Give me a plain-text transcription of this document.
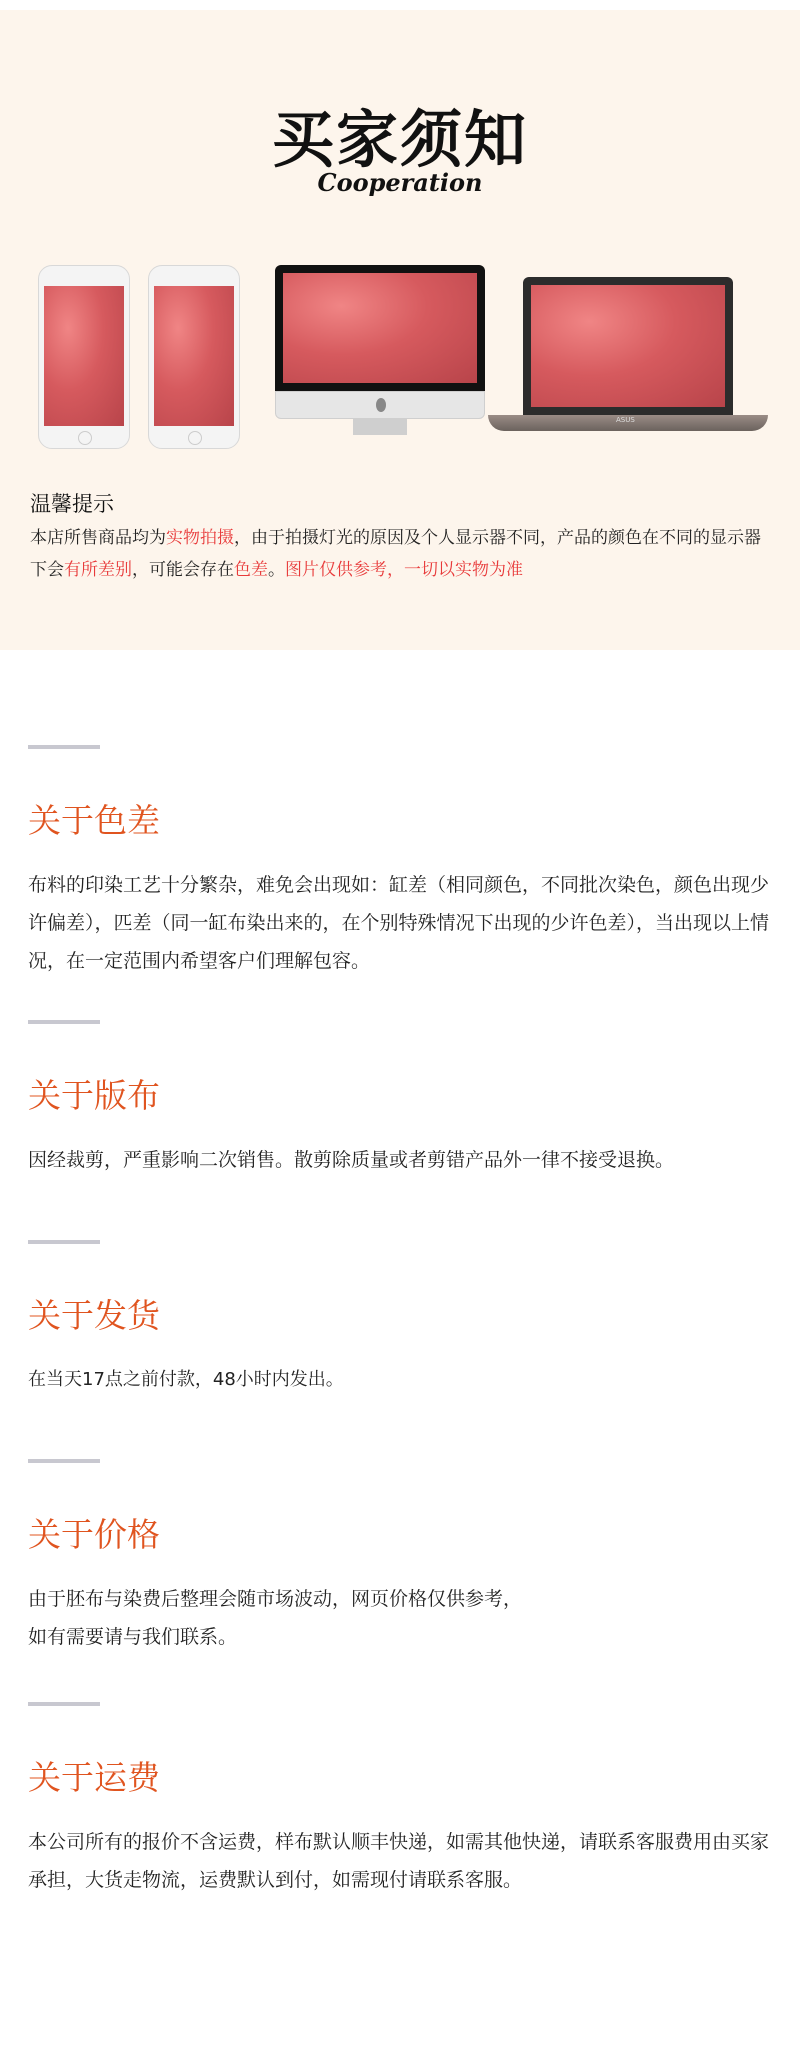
买家须知
Cooperation
ASUS
温馨提示
本店所售商品均为实物拍摄，由于拍摄灯光的原因及个人显示器不同，产品的颜色在不同的显示器下会有所差别，可能会存在色差。图片仅供参考，一切以实物为准
关于色差
布料的印染工艺十分繁杂，难免会出现如：缸差（相同颜色，不同批次染色，颜色出现少许偏差），匹差（同一缸布染出来的，在个别特殊情况下出现的少许色差），当出现以上情况，在一定范围内希望客户们理解包容。
关于版布
因经裁剪，严重影响二次销售。散剪除质量或者剪错产品外一律不接受退换。
关于发货
在当天17点之前付款，48小时内发出。
关于价格
由于胚布与染费后整理会随市场波动，网页价格仅供参考，
如有需要请与我们联系。
关于运费
本公司所有的报价不含运费，样布默认顺丰快递，如需其他快递，请联系客服费用由买家承担，大货走物流，运费默认到付，如需现付请联系客服。
